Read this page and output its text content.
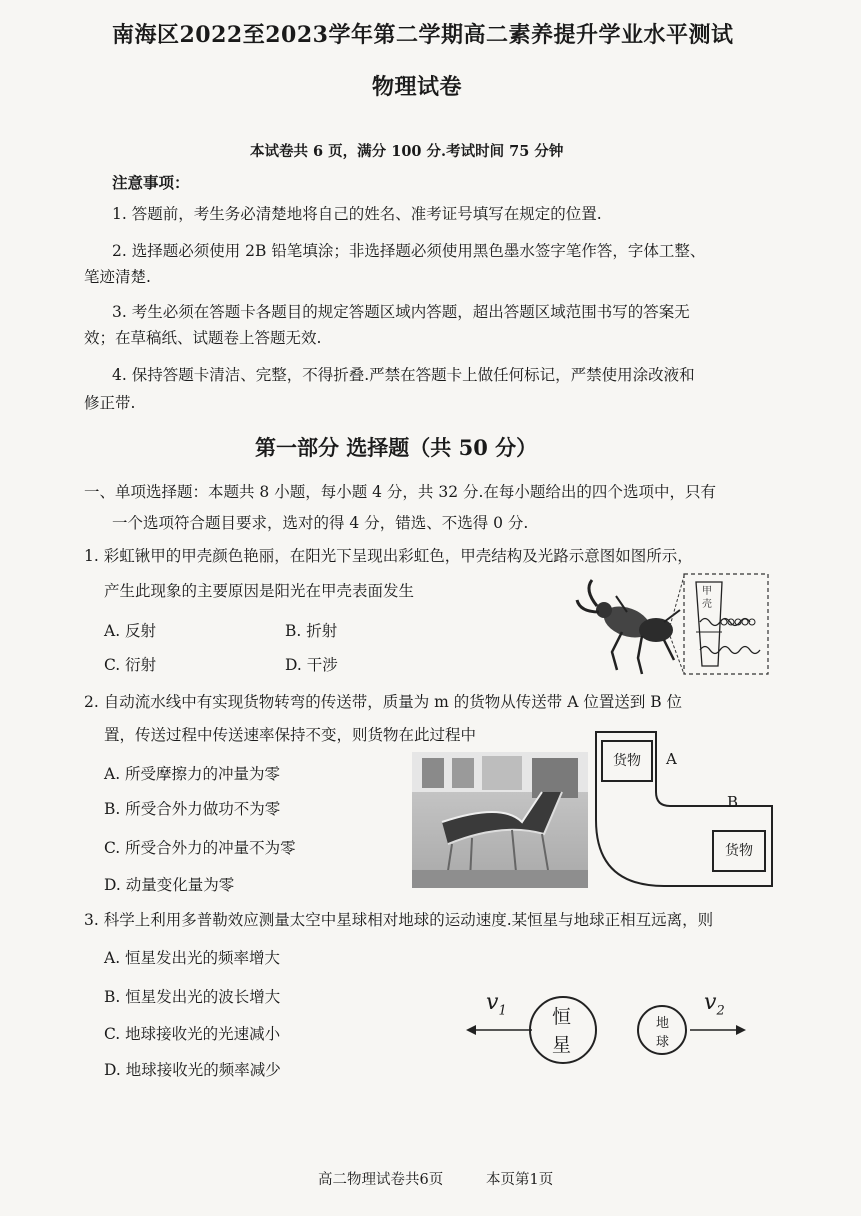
南海区2022至2023学年第二学期高二素养提升学业水平测试
物理试卷
本试卷共 6 页，满分 100 分.考试时间 75 分钟
注意事项：
1. 答题前，考生务必清楚地将自己的姓名、准考证号填写在规定的位置.
2. 选择题必须使用 2B 铅笔填涂；非选择题必须使用黑色墨水签字笔作答，字体工整、
笔迹清楚.
3. 考生必须在答题卡各题目的规定答题区域内答题，超出答题区域范围书写的答案无
效；在草稿纸、试题卷上答题无效.
4. 保持答题卡清洁、完整，不得折叠.严禁在答题卡上做任何标记，严禁使用涂改液和
修正带.
第一部分 选择题（共 50 分）
一、单项选择题：本题共 8 小题，每小题 4 分，共 32 分.在每小题给出的四个选项中，只有
一个选项符合题目要求，选对的得 4 分，错选、不选得 0 分.
1. 彩虹锹甲的甲壳颜色艳丽，在阳光下呈现出彩虹色，甲壳结构及光路示意图如图所示，
产生此现象的主要原因是阳光在甲壳表面发生
A. 反射	B. 折射
C. 衍射	D. 干涉
甲
壳
2. 自动流水线中有实现货物转弯的传送带，质量为 m 的货物从传送带 A 位置送到 B 位
置，传送过程中传送速率保持不变，则货物在此过程中
A. 所受摩擦力的冲量为零
B. 所受合外力做功不为零
C. 所受合外力的冲量不为零
D. 动量变化量为零
货物	A
B
货物
3. 科学上利用多普勒效应测量太空中星球相对地球的运动速度.某恒星与地球正相互远离，则
A. 恒星发出光的频率增大
B. 恒星发出光的波长增大
C. 地球接收光的光速减小
D. 地球接收光的频率减少
$v_1$ 恒
星
地
球
$v_2$
高二物理试卷共6页	本页第1页
